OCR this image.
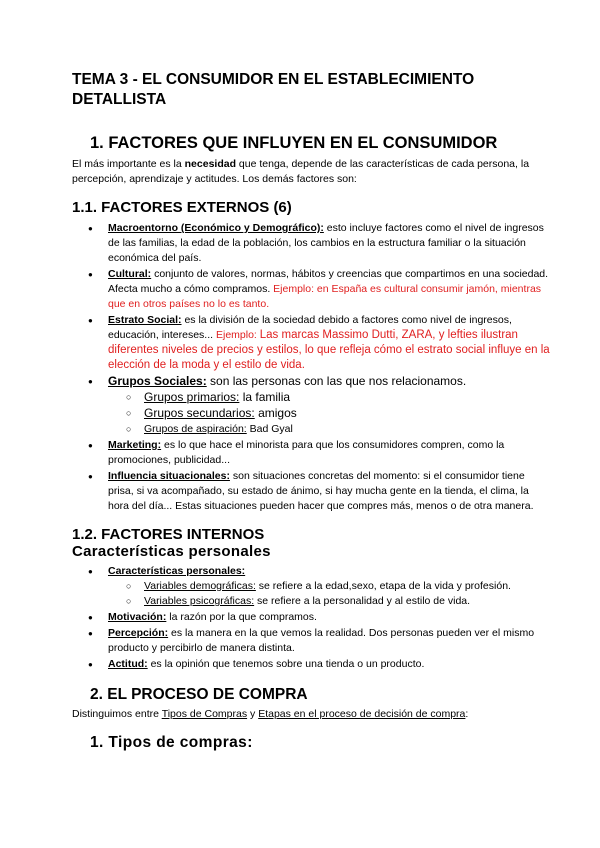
TEMA 3 - EL CONSUMIDOR EN EL ESTABLECIMIENTO DETALLISTA
1. FACTORES QUE INFLUYEN EN EL CONSUMIDOR

El más importante es la necesidad que tenga, depende de las características de cada persona, la percepción, aprendizaje y actitudes. Los demás factores son:

1.1. FACTORES EXTERNOS (6)
● Macroentorno (Económico y Demográfico): esto incluye factores como el nivel de ingresos de las familias, la edad de la población, los cambios en la estructura familiar o la situación económica del país.
● Cultural: conjunto de valores, normas, hábitos y creencias que compartimos en una sociedad. Afecta mucho a cómo compramos. Ejemplo: en España es cultural consumir jamón, mientras que en otros países no lo es tanto.
● Estrato Social: es la división de la sociedad debido a factores como nivel de ingresos, educación, intereses... Ejemplo: Las marcas Massimo Dutti, ZARA, y lefties ilustran diferentes niveles de precios y estilos, lo que refleja cómo el estrato social influye en la elección de la moda y el estilo de vida.
● Grupos Sociales: son las personas con las que nos relacionamos.
○ Grupos primarios: la familia
○ Grupos secundarios: amigos
○ Grupos de aspiración: Bad Gyal
● Marketing: es lo que hace el minorista para que los consumidores compren, como la promociones, publicidad...
● Influencia situacionales: son situaciones concretas del momento: si el consumidor tiene prisa, si va acompañado, su estado de ánimo, si hay mucha gente en la tienda, el clima, la hora del día... Estas situaciones pueden hacer que compres más, menos o de otra manera.
1.2. FACTORES INTERNOS
Características personales
● Características personales:
○ Variables demográficas: se refiere a la edad,sexo, etapa de la vida y profesión.
○ Variables psicográficas: se refiere a la personalidad y al estilo de vida.
● Motivación: la razón por la que compramos.
● Percepción: es la manera en la que vemos la realidad. Dos personas pueden ver el mismo producto y percibirlo de manera distinta.
● Actitud: es la opinión que tenemos sobre una tienda o un producto.
2. EL PROCESO DE COMPRA

Distinguimos entre Tipos de Compras y Etapas en el proceso de decisión de compra:

1. Tipos de compras:
